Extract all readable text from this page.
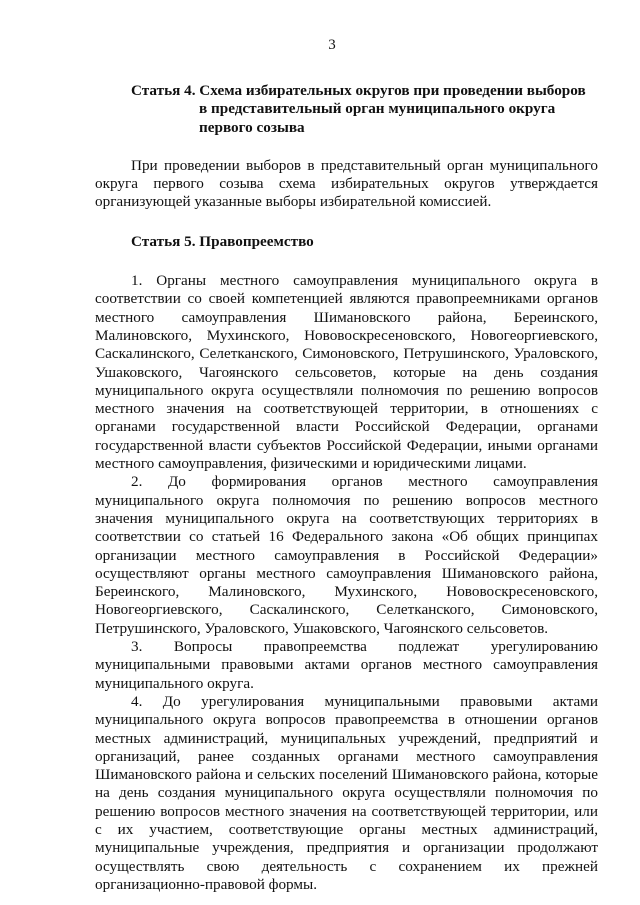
3
Статья 4. Схема избирательных округов при проведении выборов
в представительный орган муниципального округа
первого созыва

При проведении выборов в представительный орган муниципального округа первого созыва схема избирательных округов утверждается организующей указанные выборы избирательной комиссией.

Статья 5. Правопреемство

1. Органы местного самоуправления муниципального округа в соответствии со своей компетенцией являются правопреемниками органов местного самоуправления Шимановского района, Береинского, Малиновского, Мухинского, Нововоскресеновского, Новогеоргиевского, Саскалинского, Селетканского, Симоновского, Петрушинского, Ураловского, Ушаковского, Чагоянского сельсоветов, которые на день создания муниципального округа осуществляли полномочия по решению вопросов местного значения на соответствующей территории, в отношениях с органами государственной власти Российской Федерации, органами государственной власти субъектов Российской Федерации, иными органами местного самоуправления, физическими и юридическими лицами.

2. До формирования органов местного самоуправления муниципального округа полномочия по решению вопросов местного значения муниципального округа на соответствующих территориях в соответствии со статьей 16 Федерального закона «Об общих принципах организации местного самоуправления в Российской Федерации» осуществляют органы местного самоуправления Шимановского района, Береинского, Малиновского, Мухинского, Нововоскресеновского, Новогеоргиевского, Саскалинского, Селетканского, Симоновского, Петрушинского, Ураловского, Ушаковского, Чагоянского сельсоветов.

3. Вопросы правопреемства подлежат урегулированию муниципальными правовыми актами органов местного самоуправления муниципального округа.

4. До урегулирования муниципальными правовыми актами муниципального округа вопросов правопреемства в отношении органов местных администраций, муниципальных учреждений, предприятий и организаций, ранее созданных органами местного самоуправления Шимановского района и сельских поселений Шимановского района, которые на день создания муниципального округа осуществляли полномочия по решению вопросов местного значения на соответствующей территории, или с их участием, соответствующие органы местных администраций, муниципальные учреждения, предприятия и организации продолжают осуществлять свою деятельность с сохранением их прежней организационно-правовой формы.
